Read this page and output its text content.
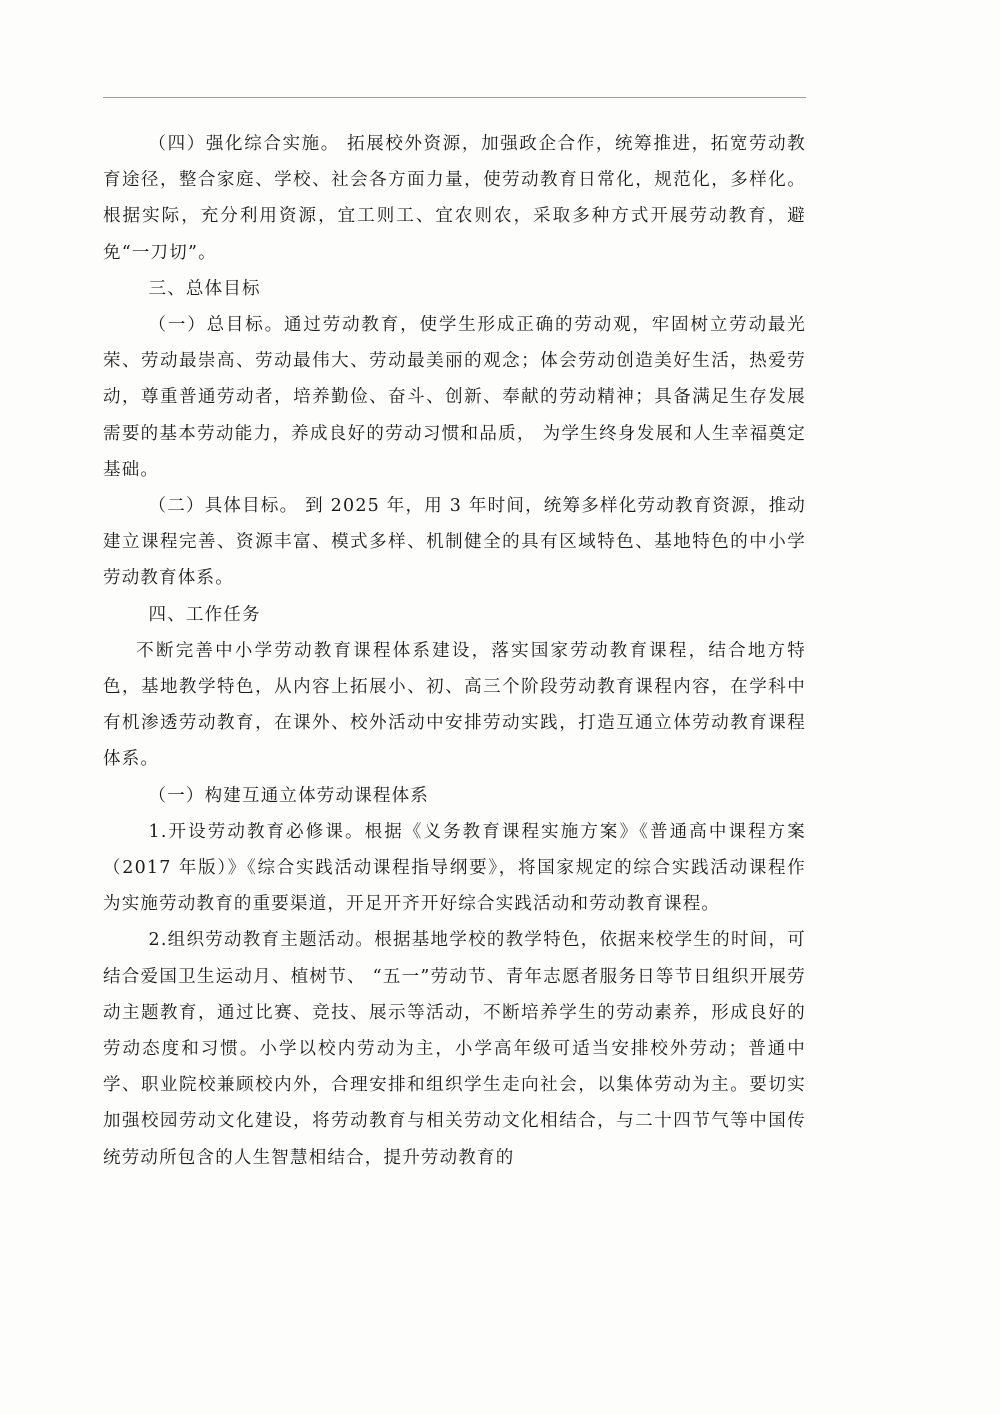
（四）强化综合实施。 拓展校外资源，加强政企合作，统筹推进，拓宽劳动教育途径，整合家庭、学校、社会各方面力量，使劳动教育日常化，规范化，多样化。根据实际，充分利用资源，宜工则工、宜农则农，采取多种方式开展劳动教育，避免“一刀切”。

三、总体目标

（一）总目标。通过劳动教育，使学生形成正确的劳动观，牢固树立劳动最光荣、劳动最崇高、劳动最伟大、劳动最美丽的观念；体会劳动创造美好生活，热爱劳动，尊重普通劳动者，培养勤俭、奋斗、创新、奉献的劳动精神；具备满足生存发展需要的基本劳动能力，养成良好的劳动习惯和品质， 为学生终身发展和人生幸福奠定基础。

（二）具体目标。 到 2025 年，用 3 年时间，统筹多样化劳动教育资源，推动建立课程完善、资源丰富、模式多样、机制健全的具有区域特色、基地特色的中小学劳动教育体系。

四、工作任务

不断完善中小学劳动教育课程体系建设，落实国家劳动教育课程，结合地方特色，基地教学特色，从内容上拓展小、初、高三个阶段劳动教育课程内容，在学科中有机渗透劳动教育，在课外、校外活动中安排劳动实践，打造互通立体劳动教育课程体系。

（一）构建互通立体劳动课程体系

1.开设劳动教育必修课。根据《义务教育课程实施方案》《普通高中课程方案（2017 年版）》《综合实践活动课程指导纲要》，将国家规定的综合实践活动课程作为实施劳动教育的重要渠道，开足开齐开好综合实践活动和劳动教育课程。

2.组织劳动教育主题活动。根据基地学校的教学特色，依据来校学生的时间，可结合爱国卫生运动月、植树节、 “五一”劳动节、青年志愿者服务日等节日组织开展劳动主题教育，通过比赛、竞技、展示等活动，不断培养学生的劳动素养，形成良好的劳动态度和习惯。小学以校内劳动为主，小学高年级可适当安排校外劳动；普通中学、职业院校兼顾校内外，合理安排和组织学生走向社会，以集体劳动为主。要切实加强校园劳动文化建设，将劳动教育与相关劳动文化相结合，与二十四节气等中国传统劳动所包含的人生智慧相结合，提升劳动教育的
